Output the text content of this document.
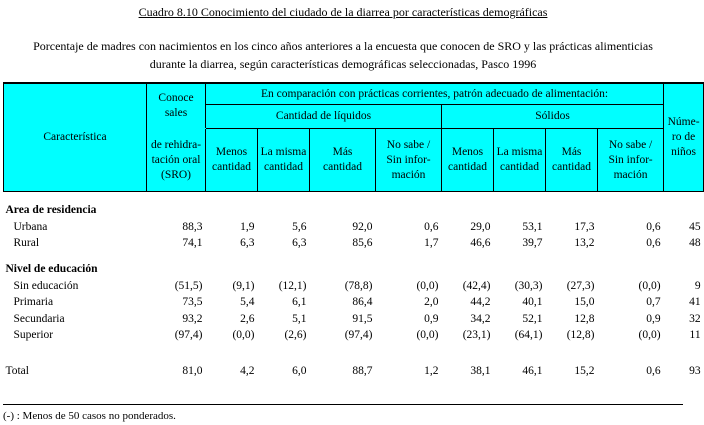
Cuadro 8.10 Conocimiento del ciudado de la diarrea por características demográficas
Porcentaje de madres con nacimientos en los cinco años anteriores a la encuesta que conocen de SRO y las prácticas alimenticias durante la diarrea, según características demográficas seleccionadas, Pasco 1996
Característica	Conoce sales	En comparación con prácticas corrientes, patrón adecuado de alimentación:								Núme-ro de niños
		Cantidad de líquidos				Sólidos				
	de rehidra-tación oral (SRO)	Menos cantidad	La misma cantidad	Más cantidad	No sabe / Sin infor-mación	Menos cantidad	La misma cantidad	Más cantidad	No sabe / Sin infor-mación	

Area de residencia										
Urbana	88,3	1,9	5,6	92,0	0,6	29,0	53,1	17,3	0,6	45
Rural	74,1	6,3	6,3	85,6	1,7	46,6	39,7	13,2	0,6	48

Nivel de educación										
Sin educación	(51,5)	(9,1)	(12,1)	(78,8)	(0,0)	(42,4)	(30,3)	(27,3)	(0,0)	9
Primaria	73,5	5,4	6,1	86,4	2,0	44,2	40,1	15,0	0,7	41
Secundaria	93,2	2,6	5,1	91,5	0,9	34,2	52,1	12,8	0,9	32
Superior	(97,4)	(0,0)	(2,6)	(97,4)	(0,0)	(23,1)	(64,1)	(12,8)	(0,0)	11

Total	81,0	4,2	6,0	88,7	1,2	38,1	46,1	15,2	0,6	93
(-) : Menos de 50 casos no ponderados.
